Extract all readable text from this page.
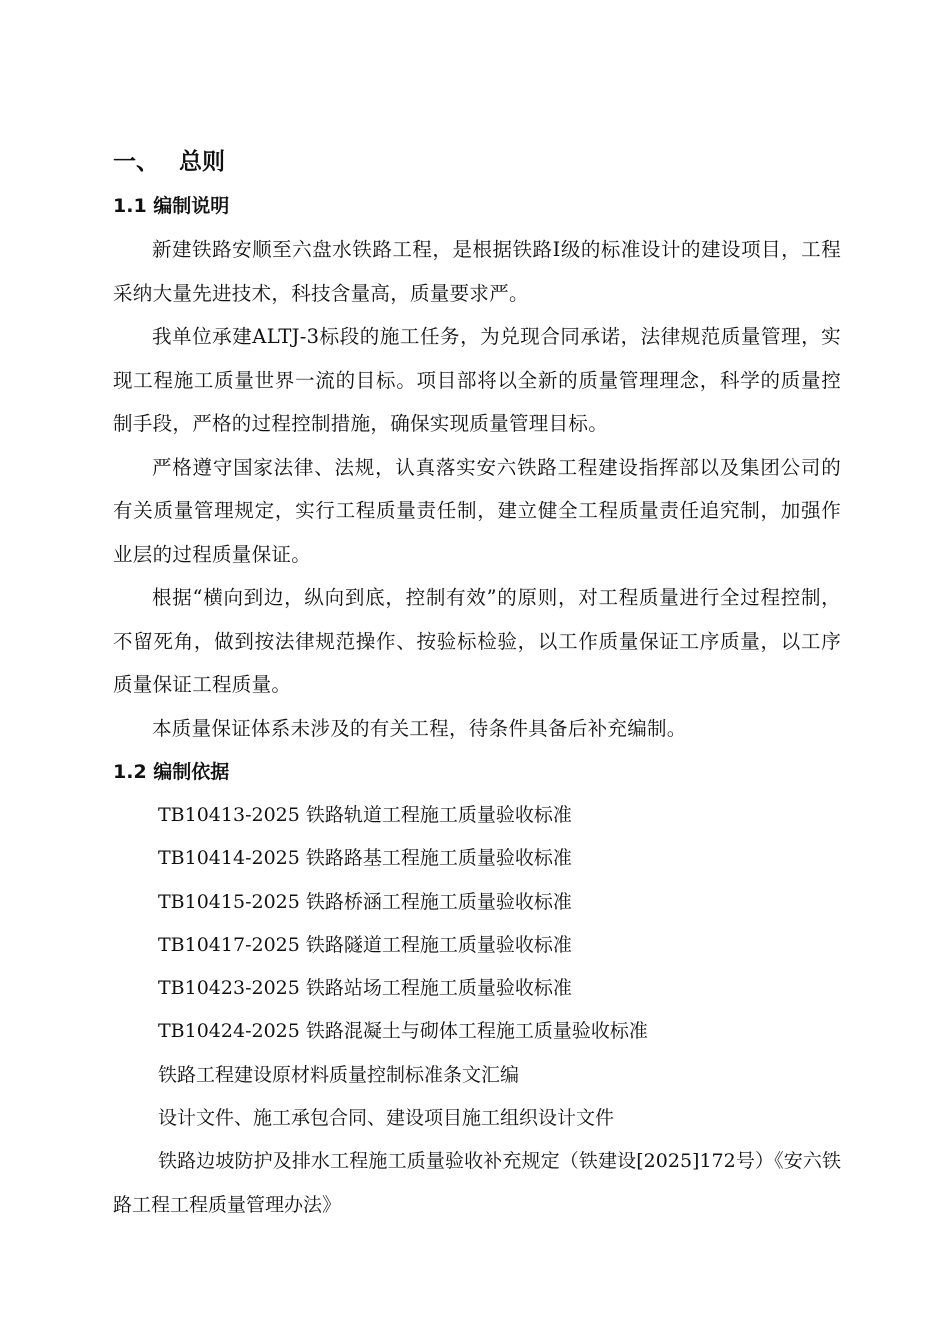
一、 总则
1.1 编制说明

新建铁路安顺至六盘水铁路工程，是根据铁路Ⅰ级的标准设计的建设项目，工程采纳大量先进技术，科技含量高，质量要求严。

我单位承建ALTJ-3标段的施工任务，为兑现合同承诺，法律规范质量管理，实现工程施工质量世界一流的目标。项目部将以全新的质量管理理念，科学的质量控制手段，严格的过程控制措施，确保实现质量管理目标。

严格遵守国家法律、法规，认真落实安六铁路工程建设指挥部以及集团公司的有关质量管理规定，实行工程质量责任制，建立健全工程质量责任追究制，加强作业层的过程质量保证。

根据“横向到边，纵向到底，控制有效”的原则，对工程质量进行全过程控制，不留死角，做到按法律规范操作、按验标检验，以工作质量保证工序质量，以工序质量保证工程质量。

本质量保证体系未涉及的有关工程，待条件具备后补充编制。

1.2 编制依据

TB10413-2025 铁路轨道工程施工质量验收标准

TB10414-2025 铁路路基工程施工质量验收标准

TB10415-2025 铁路桥涵工程施工质量验收标准

TB10417-2025 铁路隧道工程施工质量验收标准

TB10423-2025 铁路站场工程施工质量验收标准

TB10424-2025 铁路混凝土与砌体工程施工质量验收标准

铁路工程建设原材料质量控制标准条文汇编

设计文件、施工承包合同、建设项目施工组织设计文件

铁路边坡防护及排水工程施工质量验收补充规定（铁建设[2025]172号）《安六铁路工程工程质量管理办法》
